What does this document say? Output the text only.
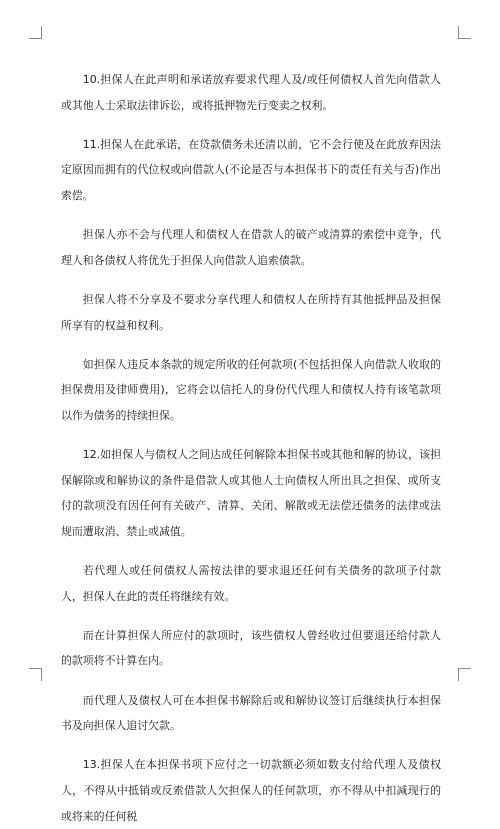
10.担保人在此声明和承诺放弃要求代理人及/或任何债权人首先向借款人或其他人士采取法律诉讼，或将抵押物先行变卖之权利。

11.担保人在此承诺，在贷款债务未还清以前，它不会行使及在此放弃因法定原因而拥有的代位权或向借款人(不论是否与本担保书下的责任有关与否)作出索偿。

担保人亦不会与代理人和债权人在借款人的破产或清算的索偿中竞争，代理人和各债权人将优先于担保人向借款人追索债款。

担保人将不分享及不要求分享代理人和债权人在所持有其他抵押品及担保所享有的权益和权利。

如担保人违反本条款的规定所收的任何款项(不包括担保人向借款人收取的担保费用及律师费用)，它将会以信托人的身份代代理人和债权人持有该笔款项以作为债务的持续担保。

12.如担保人与债权人之间达成任何解除本担保书或其他和解的协议，该担保解除或和解协议的条件是借款人或其他人士向债权人所出具之担保、或所支付的款项没有因任何有关破产、清算、关闭、解散或无法偿还债务的法律或法规而遭取消、禁止或减值。

若代理人或任何债权人需按法律的要求退还任何有关债务的款项予付款人，担保人在此的责任将继续有效。

而在计算担保人所应付的款项时，该些债权人曾经收过但要退还给付款人的款项将不计算在内。

而代理人及债权人可在本担保书解除后或和解协议签订后继续执行本担保书及向担保人追讨欠款。

13.担保人在本担保书项下应付之一切款额必须如数支付给代理人及债权人，不得从中抵销或反索借款人欠担保人的任何款项，亦不得从中扣减现行的或将来的任何税
